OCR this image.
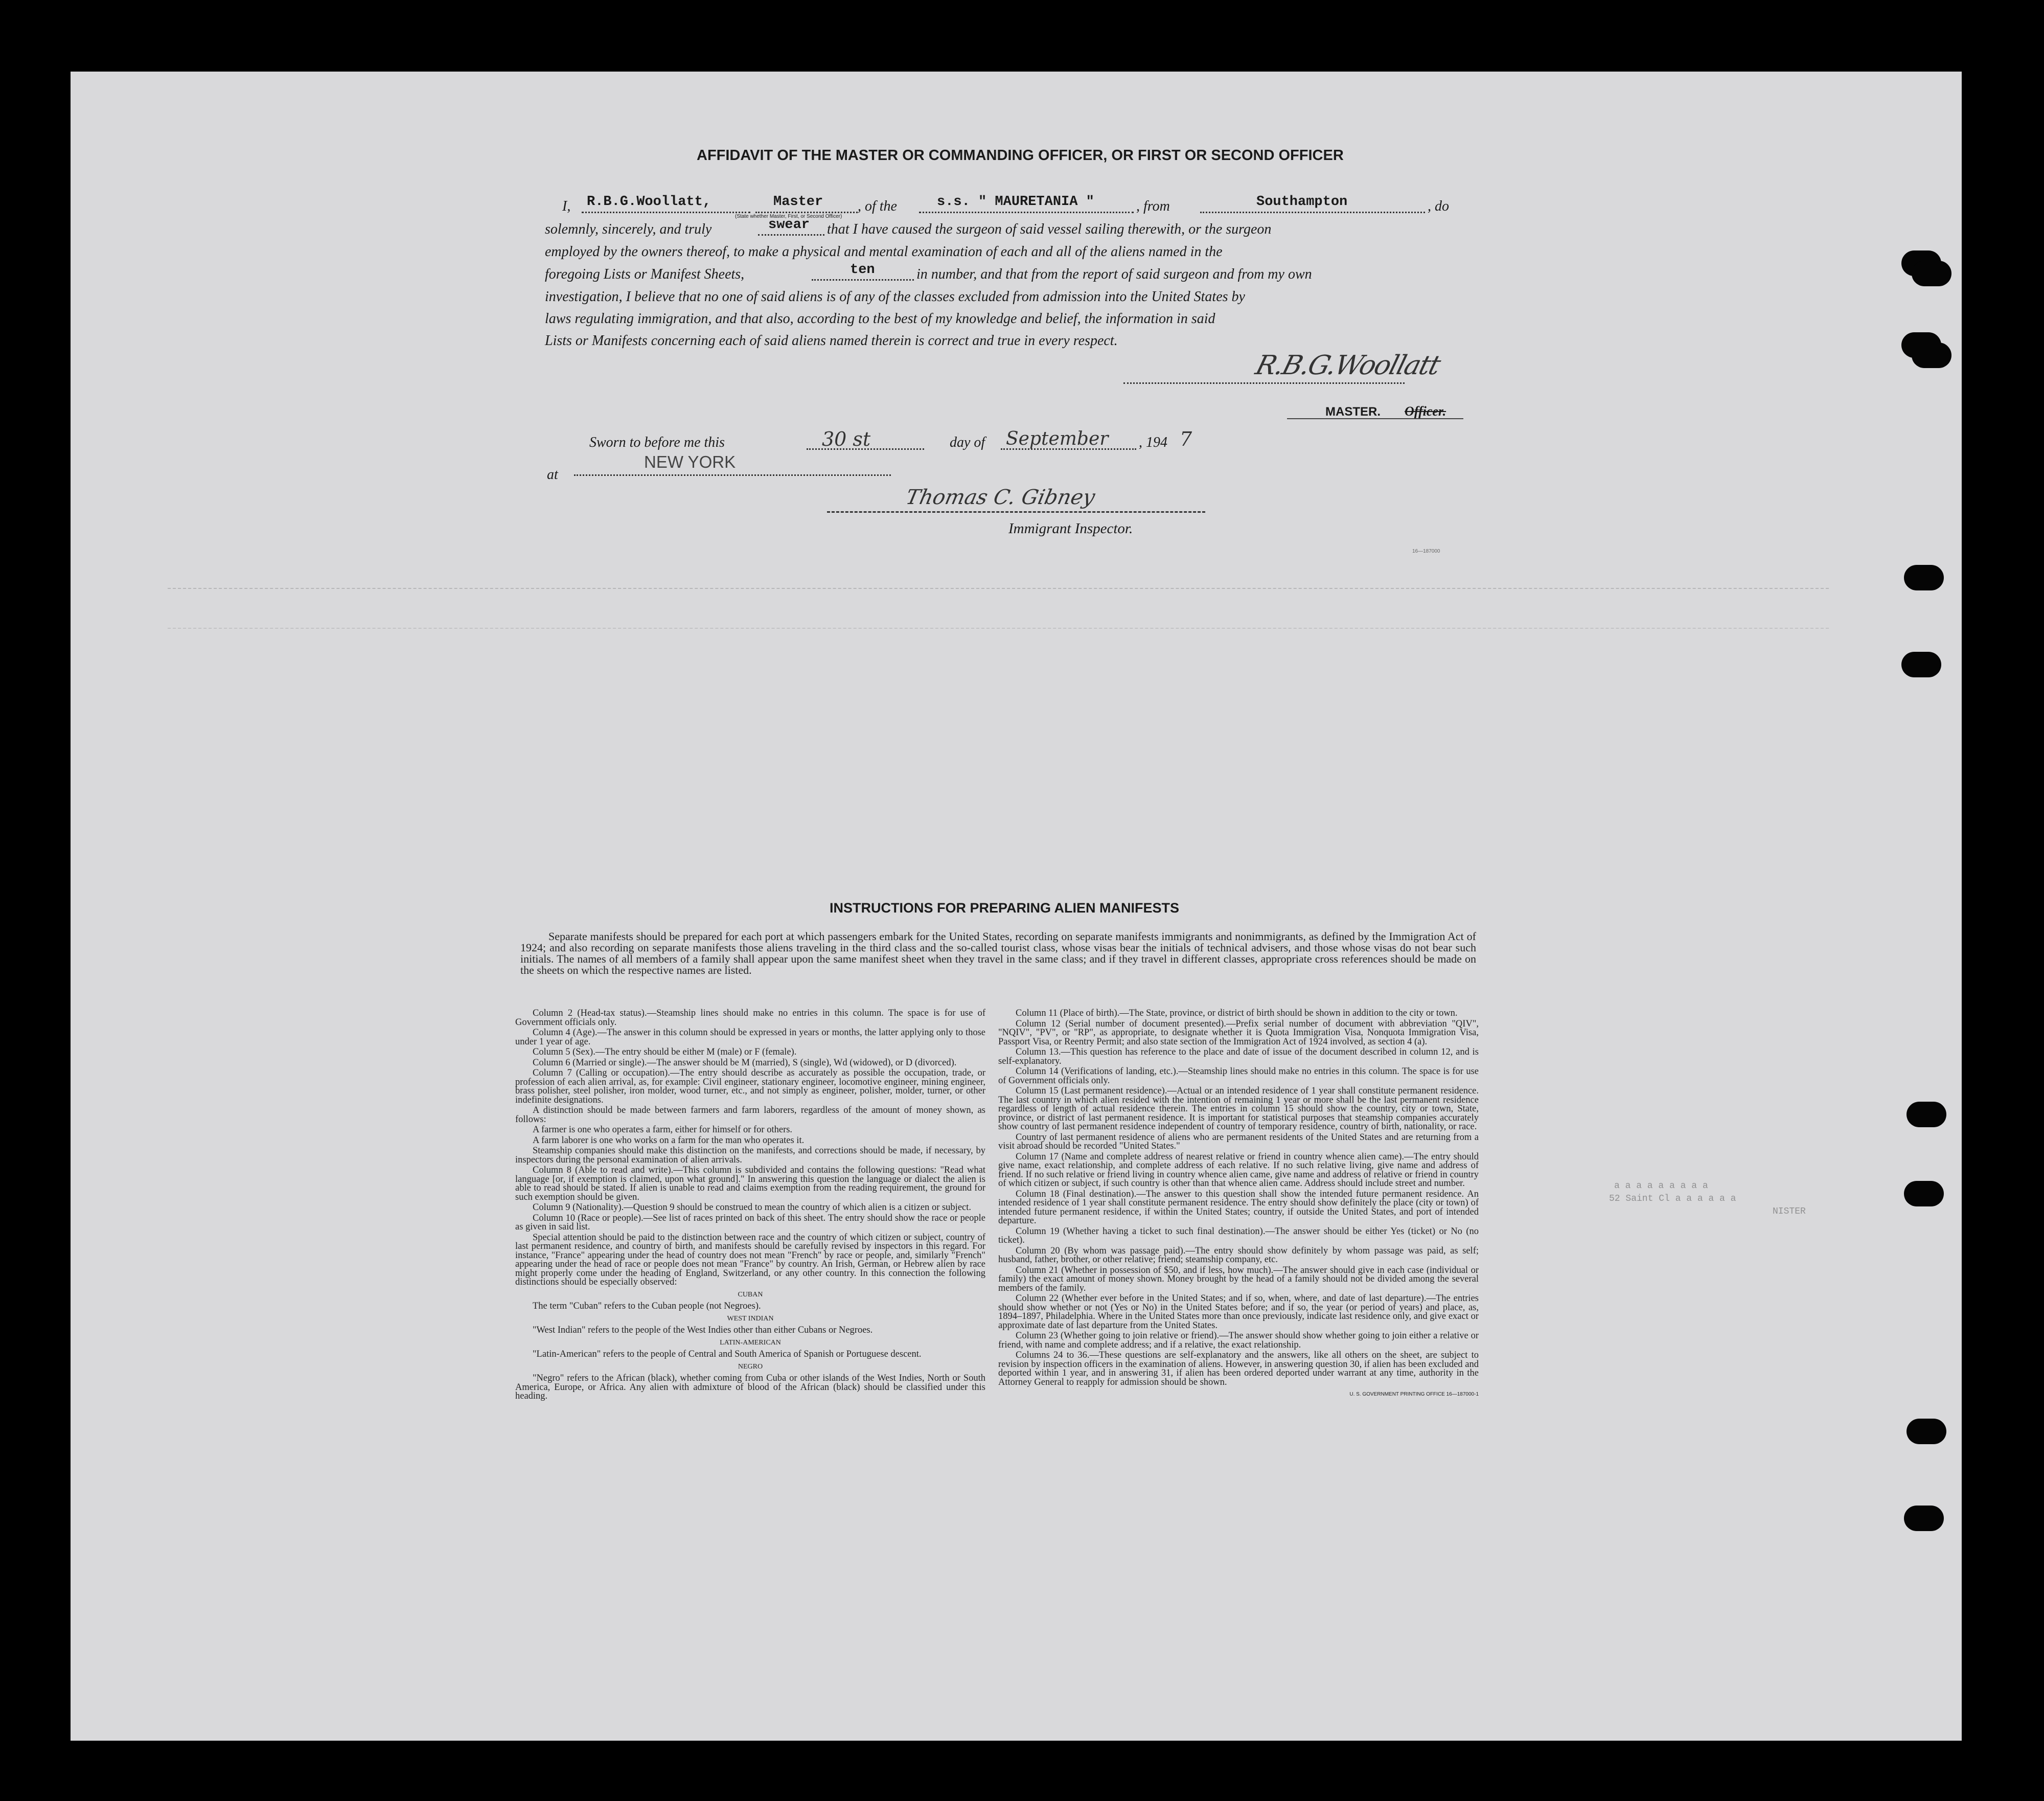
AFFIDAVIT OF THE MASTER OR COMMANDING OFFICER, OR FIRST OR SECOND OFFICER
I, R.B.G.Woollatt,	Master , of the	s.s. " MAURETANIA "	, from	Southampton	, do
(State whether Master, First, or Second Officer)
solemnly, sincerely, and truly	swear that I have caused the surgeon of said vessel sailing therewith, or the surgeon
employed by the owners thereof, to make a physical and mental examination of each and all of the aliens named in the
foregoing Lists or Manifest Sheets,	ten	in number, and that from the report of said surgeon and from my own
investigation, I believe that no one of said aliens is of any of the classes excluded from admission into the United States by
laws regulating immigration, and that also, according to the best of my knowledge and belief, the information in said
Lists or Manifests concerning each of said aliens named therein is correct and true in every respect.
R.B.G.Woollatt
MASTER. Officer.
Sworn to before me this	30 st	day of September , 194 7
at
NEW YORK
Thomas C. Gibney
Immigrant Inspector.
16—187000
INSTRUCTIONS FOR PREPARING ALIEN MANIFESTS
Separate manifests should be prepared for each port at which passengers embark for the United States, recording on separate manifests immigrants and nonimmigrants, as defined by the Immigration Act of 1924; and also recording on separate manifests those aliens traveling in the third class and the so-called tourist class, whose visas bear the initials of technical advisers, and those whose visas do not bear such initials. The names of all members of a family shall appear upon the same manifest sheet when they travel in the same class; and if they travel in different classes, appropriate cross references should be made on the sheets on which the respective names are listed.

Column 2 (Head-tax status).—Steamship lines should make no entries in this column. The space is for use of Government officials only.

Column 4 (Age).—The answer in this column should be expressed in years or months, the latter applying only to those under 1 year of age.

Column 5 (Sex).—The entry should be either M (male) or F (female).

Column 6 (Married or single).—The answer should be M (married), S (single), Wd (widowed), or D (divorced).

Column 7 (Calling or occupation).—The entry should describe as accurately as possible the occupation, trade, or profession of each alien arrival, as, for example: Civil engineer, stationary engineer, locomotive engineer, mining engineer, brass polisher, steel polisher, iron molder, wood turner, etc., and not simply as engineer, polisher, molder, turner, or other indefinite designations.

A distinction should be made between farmers and farm laborers, regardless of the amount of money shown, as follows:

A farmer is one who operates a farm, either for himself or for others.

A farm laborer is one who works on a farm for the man who operates it.

Steamship companies should make this distinction on the manifests, and corrections should be made, if necessary, by inspectors during the personal examination of alien arrivals.

Column 8 (Able to read and write).—This column is subdivided and contains the following questions: "Read what language [or, if exemption is claimed, upon what ground]." In answering this question the language or dialect the alien is able to read should be stated. If alien is unable to read and claims exemption from the reading requirement, the ground for such exemption should be given.

Column 9 (Nationality).—Question 9 should be construed to mean the country of which alien is a citizen or subject.

Column 10 (Race or people).—See list of races printed on back of this sheet. The entry should show the race or people as given in said list.

Special attention should be paid to the distinction between race and the country of which citizen or subject, country of last permanent residence, and country of birth, and manifests should be carefully revised by inspectors in this regard. For instance, "France" appearing under the head of country does not mean "French" by race or people, and, similarly "French" appearing under the head of race or people does not mean "France" by country. An Irish, German, or Hebrew alien by race might properly come under the heading of England, Switzerland, or any other country. In this connection the following distinctions should be especially observed:

CUBAN

The term "Cuban" refers to the Cuban people (not Negroes).

WEST INDIAN

"West Indian" refers to the people of the West Indies other than either Cubans or Negroes.

LATIN-AMERICAN

"Latin-American" refers to the people of Central and South America of Spanish or Portuguese descent.

NEGRO

"Negro" refers to the African (black), whether coming from Cuba or other islands of the West Indies, North or South America, Europe, or Africa. Any alien with admixture of blood of the African (black) should be classified under this heading.

Column 11 (Place of birth).—The State, province, or district of birth should be shown in addition to the city or town.

Column 12 (Serial number of document presented).—Prefix serial number of document with abbreviation "QIV", "NQIV", "PV", or "RP", as appropriate, to designate whether it is Quota Immigration Visa, Nonquota Immigration Visa, Passport Visa, or Reentry Permit; and also state section of the Immigration Act of 1924 involved, as section 4 (a).

Column 13.—This question has reference to the place and date of issue of the document described in column 12, and is self-explanatory.

Column 14 (Verifications of landing, etc.).—Steamship lines should make no entries in this column. The space is for use of Government officials only.

Column 15 (Last permanent residence).—Actual or an intended residence of 1 year shall constitute permanent residence. The last country in which alien resided with the intention of remaining 1 year or more shall be the last permanent residence regardless of length of actual residence therein. The entries in column 15 should show the country, city or town, State, province, or district of last permanent residence. It is important for statistical purposes that steamship companies accurately show country of last permanent residence independent of country of temporary residence, country of birth, nationality, or race.

Country of last permanent residence of aliens who are permanent residents of the United States and are returning from a visit abroad should be recorded "United States."

Column 17 (Name and complete address of nearest relative or friend in country whence alien came).—The entry should give name, exact relationship, and complete address of each relative. If no such relative living, give name and address of friend. If no such relative or friend living in country whence alien came, give name and address of relative or friend in country of which citizen or subject, if such country is other than that whence alien came. Address should include street and number.

Column 18 (Final destination).—The answer to this question shall show the intended future permanent residence. An intended residence of 1 year shall constitute permanent residence. The entry should show definitely the place (city or town) of intended future permanent residence, if within the United States; country, if outside the United States, and port of intended departure.

Column 19 (Whether having a ticket to such final destination).—The answer should be either Yes (ticket) or No (no ticket).

Column 20 (By whom was passage paid).—The entry should show definitely by whom passage was paid, as self; husband, father, brother, or other relative; friend; steamship company, etc.

Column 21 (Whether in possession of $50, and if less, how much).—The answer should give in each case (individual or family) the exact amount of money shown. Money brought by the head of a family should not be divided among the several members of the family.

Column 22 (Whether ever before in the United States; and if so, when, where, and date of last departure).—The entries should show whether or not (Yes or No) in the United States before; and if so, the year (or period of years) and place, as, 1894–1897, Philadelphia. Where in the United States more than once previously, indicate last residence only, and give exact or approximate date of last departure from the United States.

Column 23 (Whether going to join relative or friend).—The answer should show whether going to join either a relative or friend, with name and complete address; and if a relative, the exact relationship.

Columns 24 to 36.—These questions are self-explanatory and the answers, like all others on the sheet, are subject to revision by inspection officers in the examination of aliens. However, in answering question 30, if alien has been excluded and deported within 1 year, and in answering 31, if alien has been ordered deported under warrant at any time, authority in the Attorney General to reapply for admission should be shown.

U. S. GOVERNMENT PRINTING OFFICE 16—187000-1

a a a a a a a a a
52 Saint Cl a a a a a a
NISTER
